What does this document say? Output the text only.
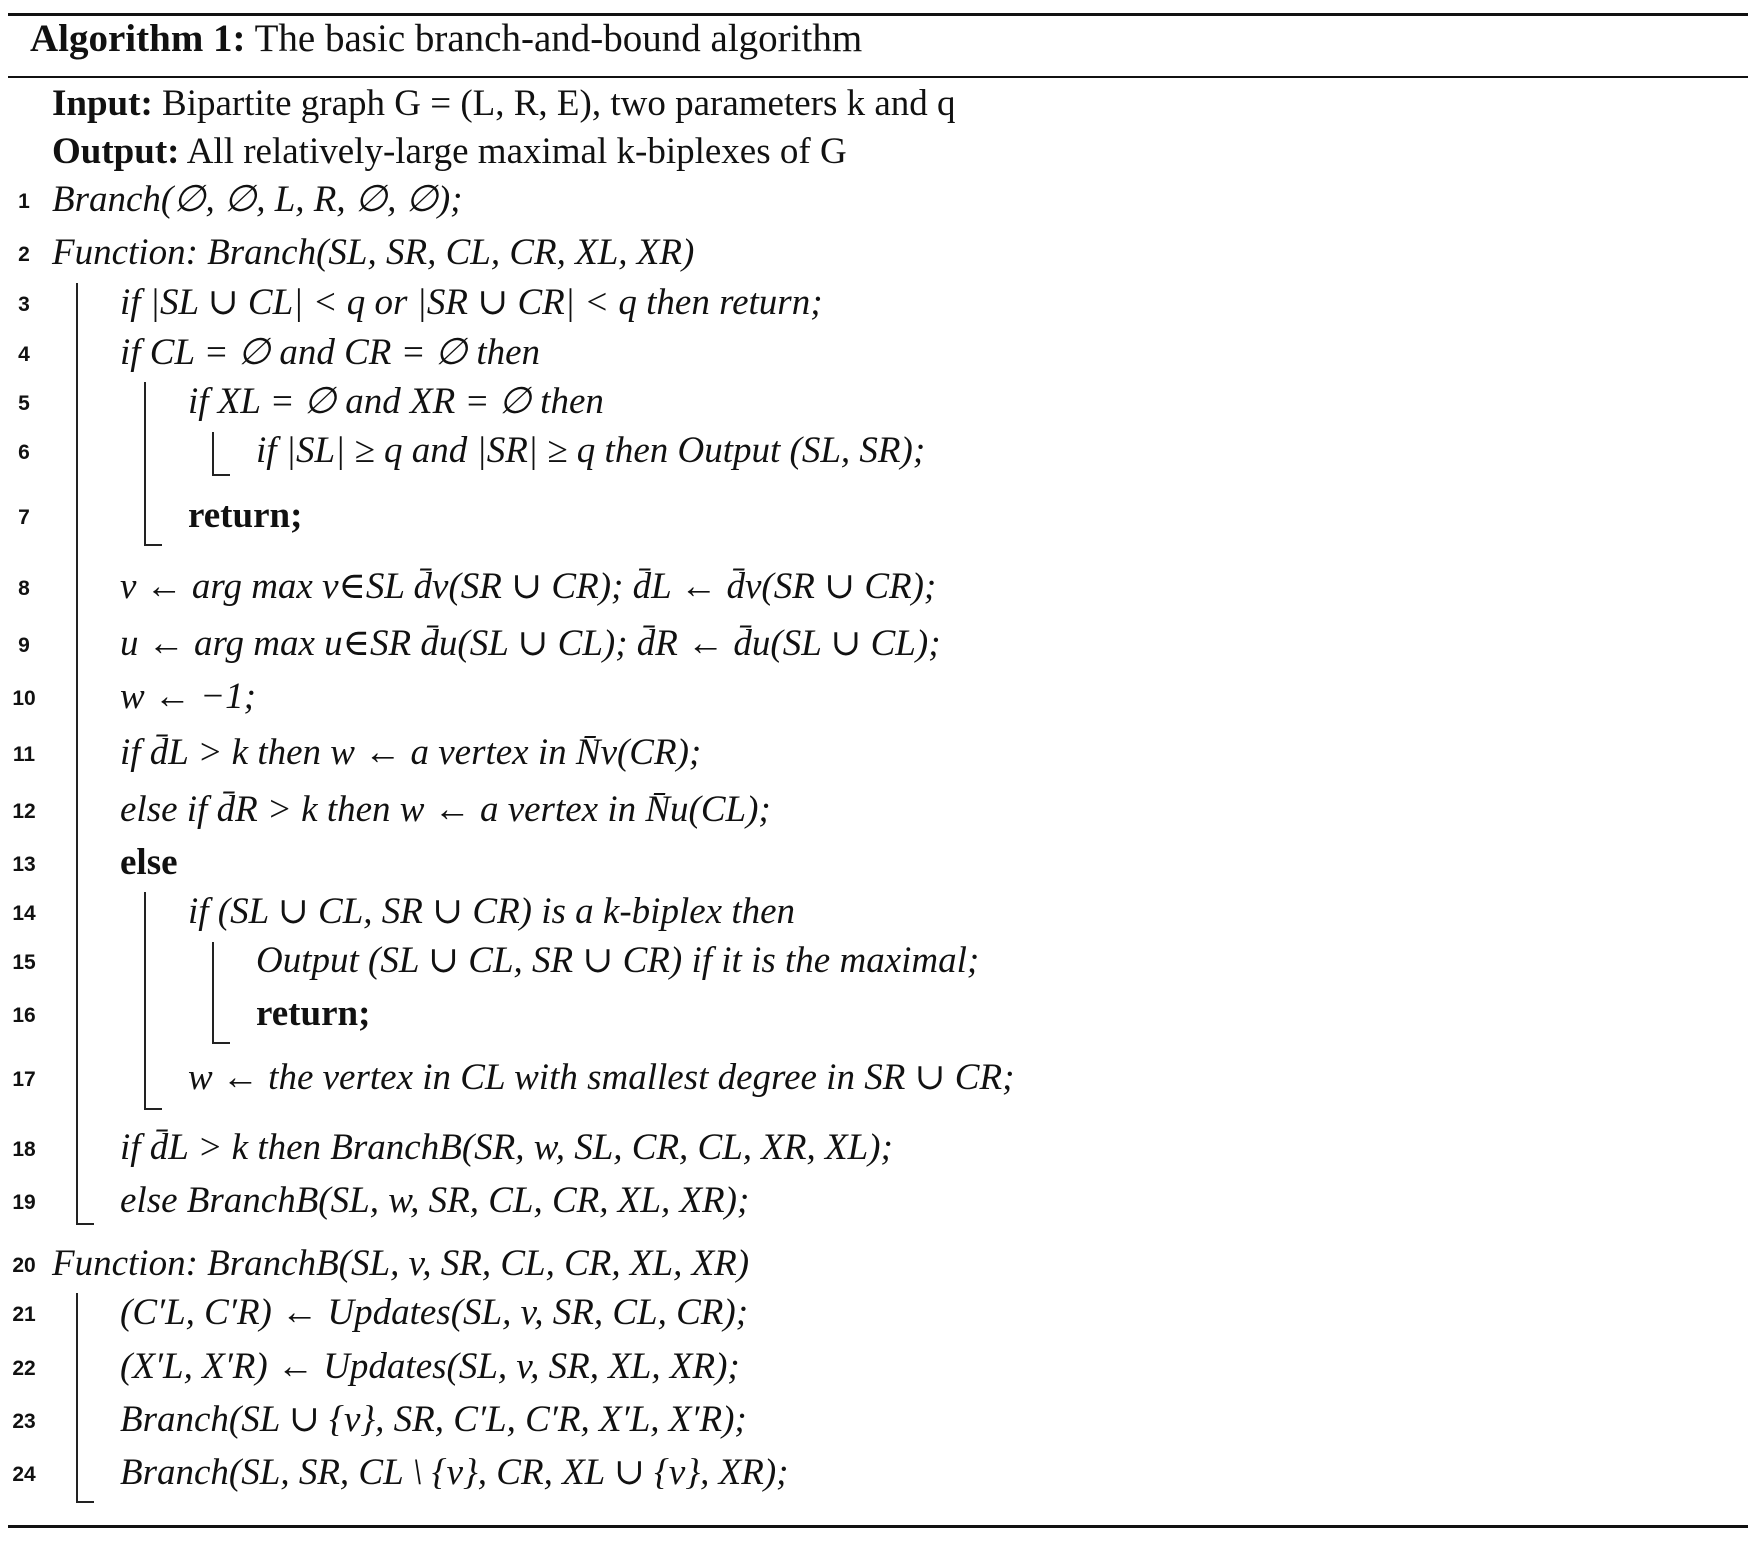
Algorithm 1: The basic branch-and-bound algorithm
Input: Bipartite graph G = (L, R, E), two parameters k and q
Output: All relatively-large maximal k-biplexes of G
1
2
3
4
5
6
7
8
9
10
11
12
13
14
15
16
17
18
19
20
21
22
23
24
Branch(∅, ∅, L, R, ∅, ∅);
Function: Branch(SL, SR, CL, CR, XL, XR)
if |SL ∪ CL| < q or |SR ∪ CR| < q then return;
if CL = ∅ and CR = ∅ then
if XL = ∅ and XR = ∅ then
if |SL| ≥ q and |SR| ≥ q then Output (SL, SR);
return;
v ← arg max v∈SL d̄v(SR ∪ CR); d̄L ← d̄v(SR ∪ CR);
u ← arg max u∈SR d̄u(SL ∪ CL); d̄R ← d̄u(SL ∪ CL);
w ← −1;
if d̄L > k then w ← a vertex in N̄v(CR);
else if d̄R > k then w ← a vertex in N̄u(CL);
else
if (SL ∪ CL, SR ∪ CR) is a k-biplex then
Output (SL ∪ CL, SR ∪ CR) if it is the maximal;
return;
w ← the vertex in CL with smallest degree in SR ∪ CR;
if d̄L > k then BranchB(SR, w, SL, CR, CL, XR, XL);
else BranchB(SL, w, SR, CL, CR, XL, XR);
Function: BranchB(SL, v, SR, CL, CR, XL, XR)
(C′L, C′R) ← Updates(SL, v, SR, CL, CR);
(X′L, X′R) ← Updates(SL, v, SR, XL, XR);
Branch(SL ∪ {v}, SR, C′L, C′R, X′L, X′R);
Branch(SL, SR, CL \ {v}, CR, XL ∪ {v}, XR);
